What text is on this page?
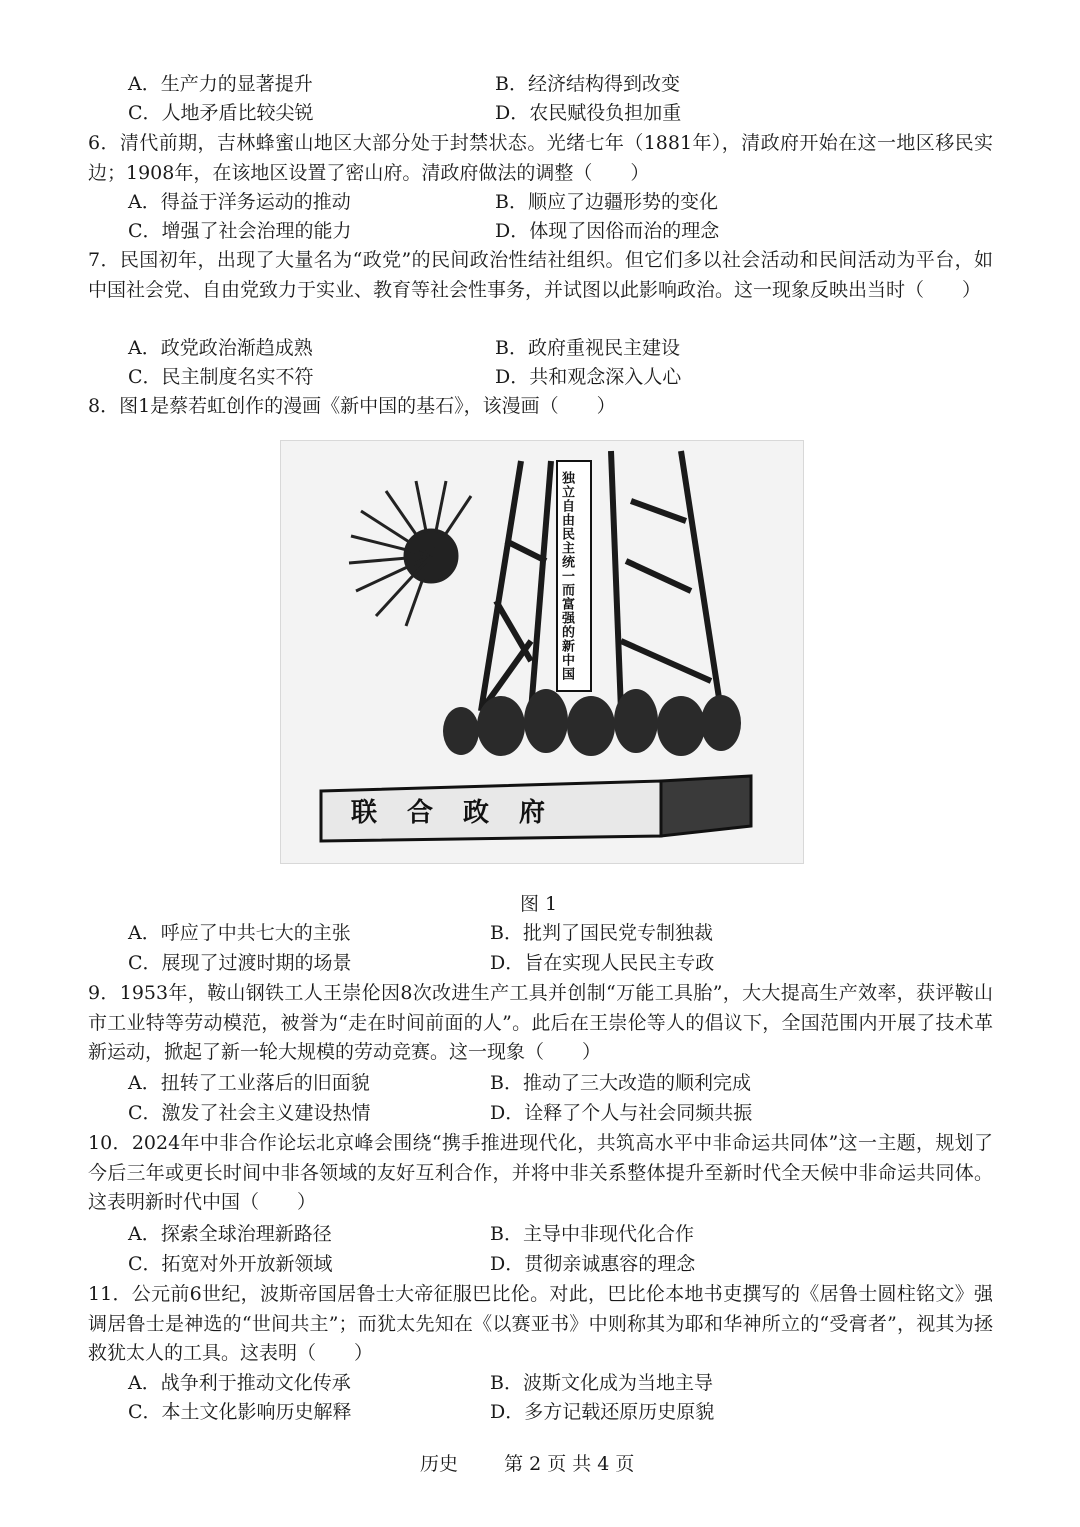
A．生产力的显著提升	B．经济结构得到改变
C．人地矛盾比较尖锐	D．农民赋役负担加重
6．清代前期，吉林蜂蜜山地区大部分处于封禁状态。光绪七年（1881年），清政府开始在这一地区移民实边；1908年，在该地区设置了密山府。清政府做法的调整（　　）
A．得益于洋务运动的推动	B．顺应了边疆形势的变化
C．增强了社会治理的能力	D．体现了因俗而治的理念
7．民国初年，出现了大量名为“政党”的民间政治性结社组织。但它们多以社会活动和民间活动为平台，如中国社会党、自由党致力于实业、教育等社会性事务，并试图以此影响政治。这一现象反映出当时（　　）
A．政党政治渐趋成熟	B．政府重视民主建设
C．民主制度名实不符	D．共和观念深入人心
8．图1是蔡若虹创作的漫画《新中国的基石》，该漫画（　　）
独立自由民主统一而富强的新中国
联合政府
图 1
A．呼应了中共七大的主张	B．批判了国民党专制独裁
C．展现了过渡时期的场景	D．旨在实现人民民主专政
9．1953年，鞍山钢铁工人王崇伦因8次改进生产工具并创制“万能工具胎”，大大提高生产效率，获评鞍山市工业特等劳动模范，被誉为“走在时间前面的人”。此后在王崇伦等人的倡议下，全国范围内开展了技术革新运动，掀起了新一轮大规模的劳动竞赛。这一现象（　　）
A．扭转了工业落后的旧面貌	B．推动了三大改造的顺利完成
C．激发了社会主义建设热情	D．诠释了个人与社会同频共振
10．2024年中非合作论坛北京峰会围绕“携手推进现代化，共筑高水平中非命运共同体”这一主题，规划了今后三年或更长时间中非各领域的友好互利合作，并将中非关系整体提升至新时代全天候中非命运共同体。这表明新时代中国（　　）
A．探索全球治理新路径	B．主导中非现代化合作
C．拓宽对外开放新领域	D．贯彻亲诚惠容的理念
11．公元前6世纪，波斯帝国居鲁士大帝征服巴比伦。对此，巴比伦本地书吏撰写的《居鲁士圆柱铭文》强调居鲁士是神选的“世间共主”；而犹太先知在《以赛亚书》中则称其为耶和华神所立的“受膏者”，视其为拯救犹太人的工具。这表明（　　）
A．战争利于推动文化传承	B．波斯文化成为当地主导
C．本土文化影响历史解释	D．多方记载还原历史原貌
历史 第 2 页 共 4 页
